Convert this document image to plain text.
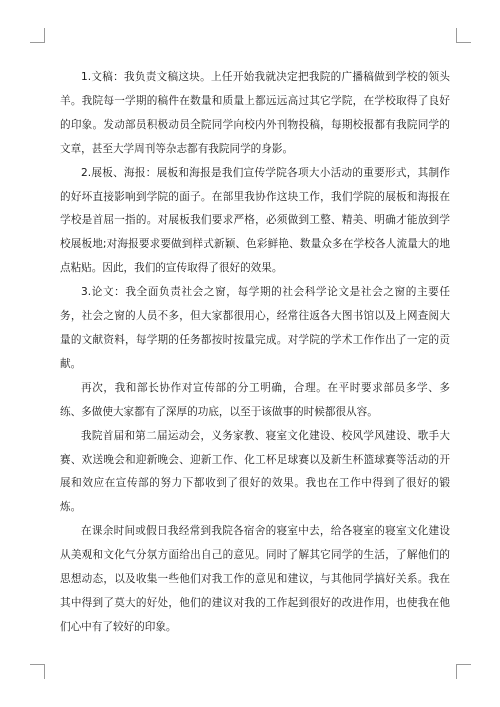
1.文稿：我负责文稿这块。上任开始我就决定把我院的广播稿做到学校的领头羊。我院每一学期的稿件在数量和质量上都远远高过其它学院，在学校取得了良好的印象。发动部员积极动员全院同学向校内外刊物投稿，每期校报都有我院同学的文章，甚至大学周刊等杂志都有我院同学的身影。

2.展板、海报：展板和海报是我们宣传学院各项大小活动的重要形式，其制作的好坏直接影响到学院的面子。在部里我协作这块工作，我们学院的展板和海报在学校是首屈一指的。对展板我们要求严格，必须做到工整、精美、明确才能放到学校展板地;对海报要求要做到样式新颖、色彩鲜艳、数量众多在学校各人流量大的地点粘贴。因此，我们的宣传取得了很好的效果。

3.论文：我全面负责社会之窗，每学期的社会科学论文是社会之窗的主要任务，社会之窗的人员不多，但大家都很用心，经常往返各大图书馆以及上网查阅大量的文献资料，每学期的任务都按时按量完成。对学院的学术工作作出了一定的贡献。

再次，我和部长协作对宣传部的分工明确，合理。在平时要求部员多学、多练、多做使大家都有了深厚的功底，以至于该做事的时候都很从容。

我院首届和第二届运动会，义务家教、寝室文化建设、校风学风建设、歌手大赛、欢送晚会和迎新晚会、迎新工作、化工杯足球赛以及新生杯篮球赛等活动的开展和效应在宣传部的努力下都收到了很好的效果。我也在工作中得到了很好的锻炼。

在课余时间或假日我经常到我院各宿舍的寝室中去，给各寝室的寝室文化建设从美观和文化气分氛方面给出自己的意见。同时了解其它同学的生活，了解他们的思想动态，以及收集一些他们对我工作的意见和建议，与其他同学搞好关系。我在其中得到了莫大的好处，他们的建议对我的工作起到很好的改进作用，也使我在他们心中有了较好的印象。
